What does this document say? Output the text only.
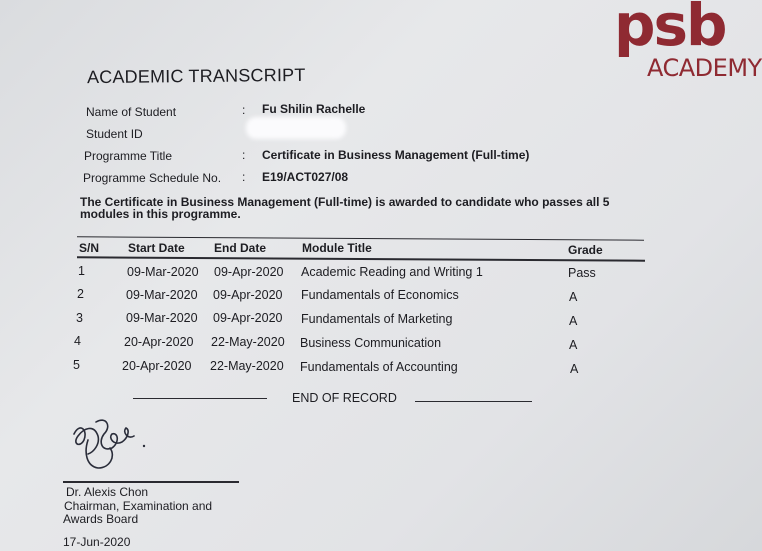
psb
ACADEMY
ACADEMIC TRANSCRIPT
Name of Student	: Fu Shilin Rachelle
Student ID
Programme Title	: Certificate in Business Management (Full-time)
Programme Schedule No. : E19/ACT027/08
The Certificate in Business Management (Full-time) is awarded to candidate who passes all 5
modules in this programme.
S/N Start Date End Date	Module Title	Grade
1	09-Mar-2020 09-Apr-2020 Academic Reading and Writing 1	Pass
2	09-Mar-2020 09-Apr-2020 Fundamentals of Economics	A
3	09-Mar-2020 09-Apr-2020 Fundamentals of Marketing	A
4	20-Apr-2020 22-May-2020 Business Communication	A
5	20-Apr-2020 22-May-2020 Fundamentals of Accounting	A
END OF RECORD
Dr. Alexis Chon
Chairman, Examination and
Awards Board
17-Jun-2020
